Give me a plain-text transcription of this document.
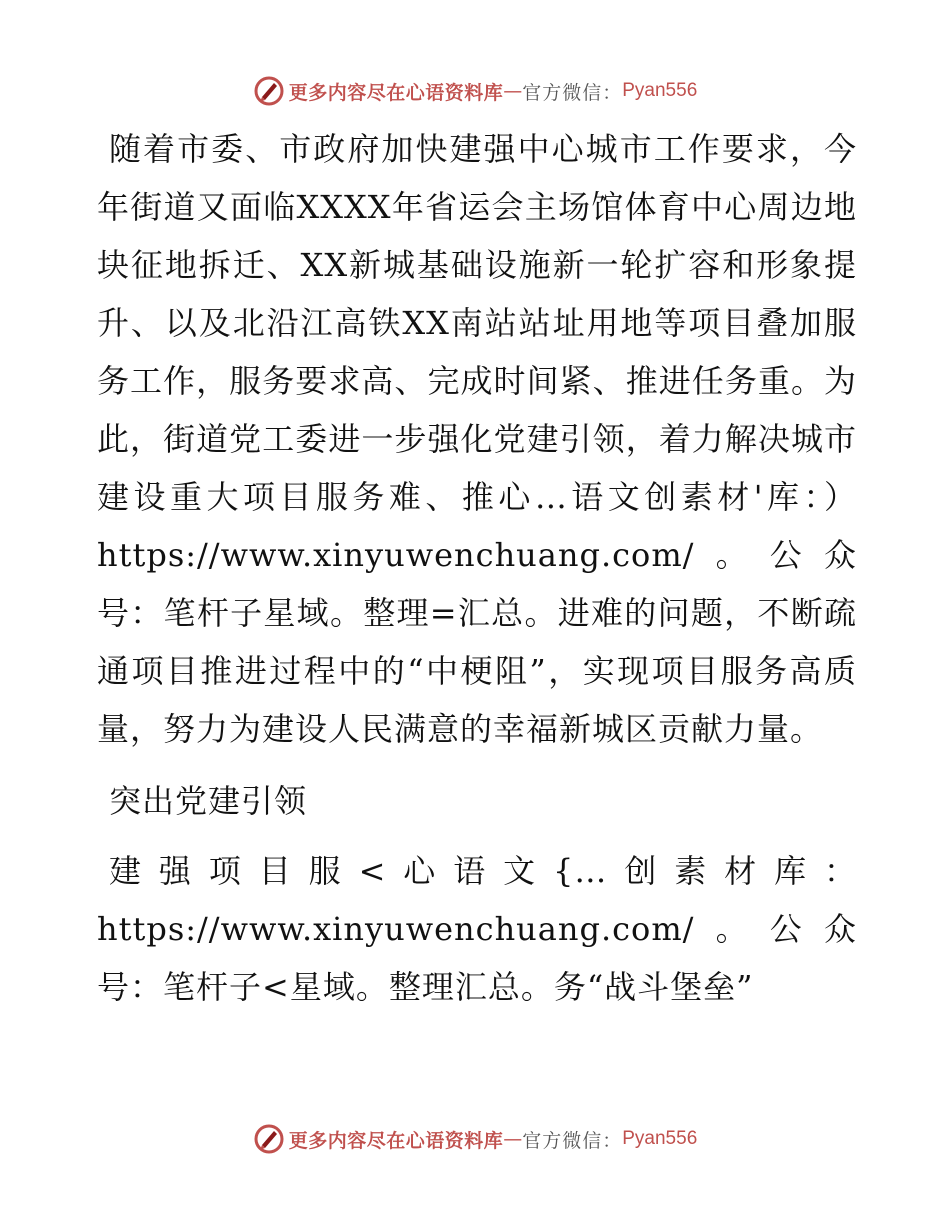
更多内容尽在心语资料库 — 官方微信： Pyan556

随着市委、市政府加快建强中心城市工作要求，今年街道又面临XXXX年省运会主场馆体育中心周边地块征地拆迁、XX新城基础设施新一轮扩容和形象提升、以及北沿江高铁XX南站站址用地等项目叠加服务工作，服务要求高、完成时间紧、推进任务重。为此，街道党工委进一步强化党建引领，着力解决城市建设重大项目服务难、推心…语文创素材'库：）https://www.xinyuwenchuang.com/。公众号：笔杆子星域。整理=汇总。进难的问题，不断疏通项目推进过程中的“中梗阻”，实现项目服务高质量，努力为建设人民满意的幸福新城区贡献力量。

突出党建引领

建强项目服<心语文{…创素材库：https://www.xinyuwenchuang.com/。公众号：笔杆子<星域。整理汇总。务“战斗堡垒”

更多内容尽在心语资料库 — 官方微信： Pyan556
